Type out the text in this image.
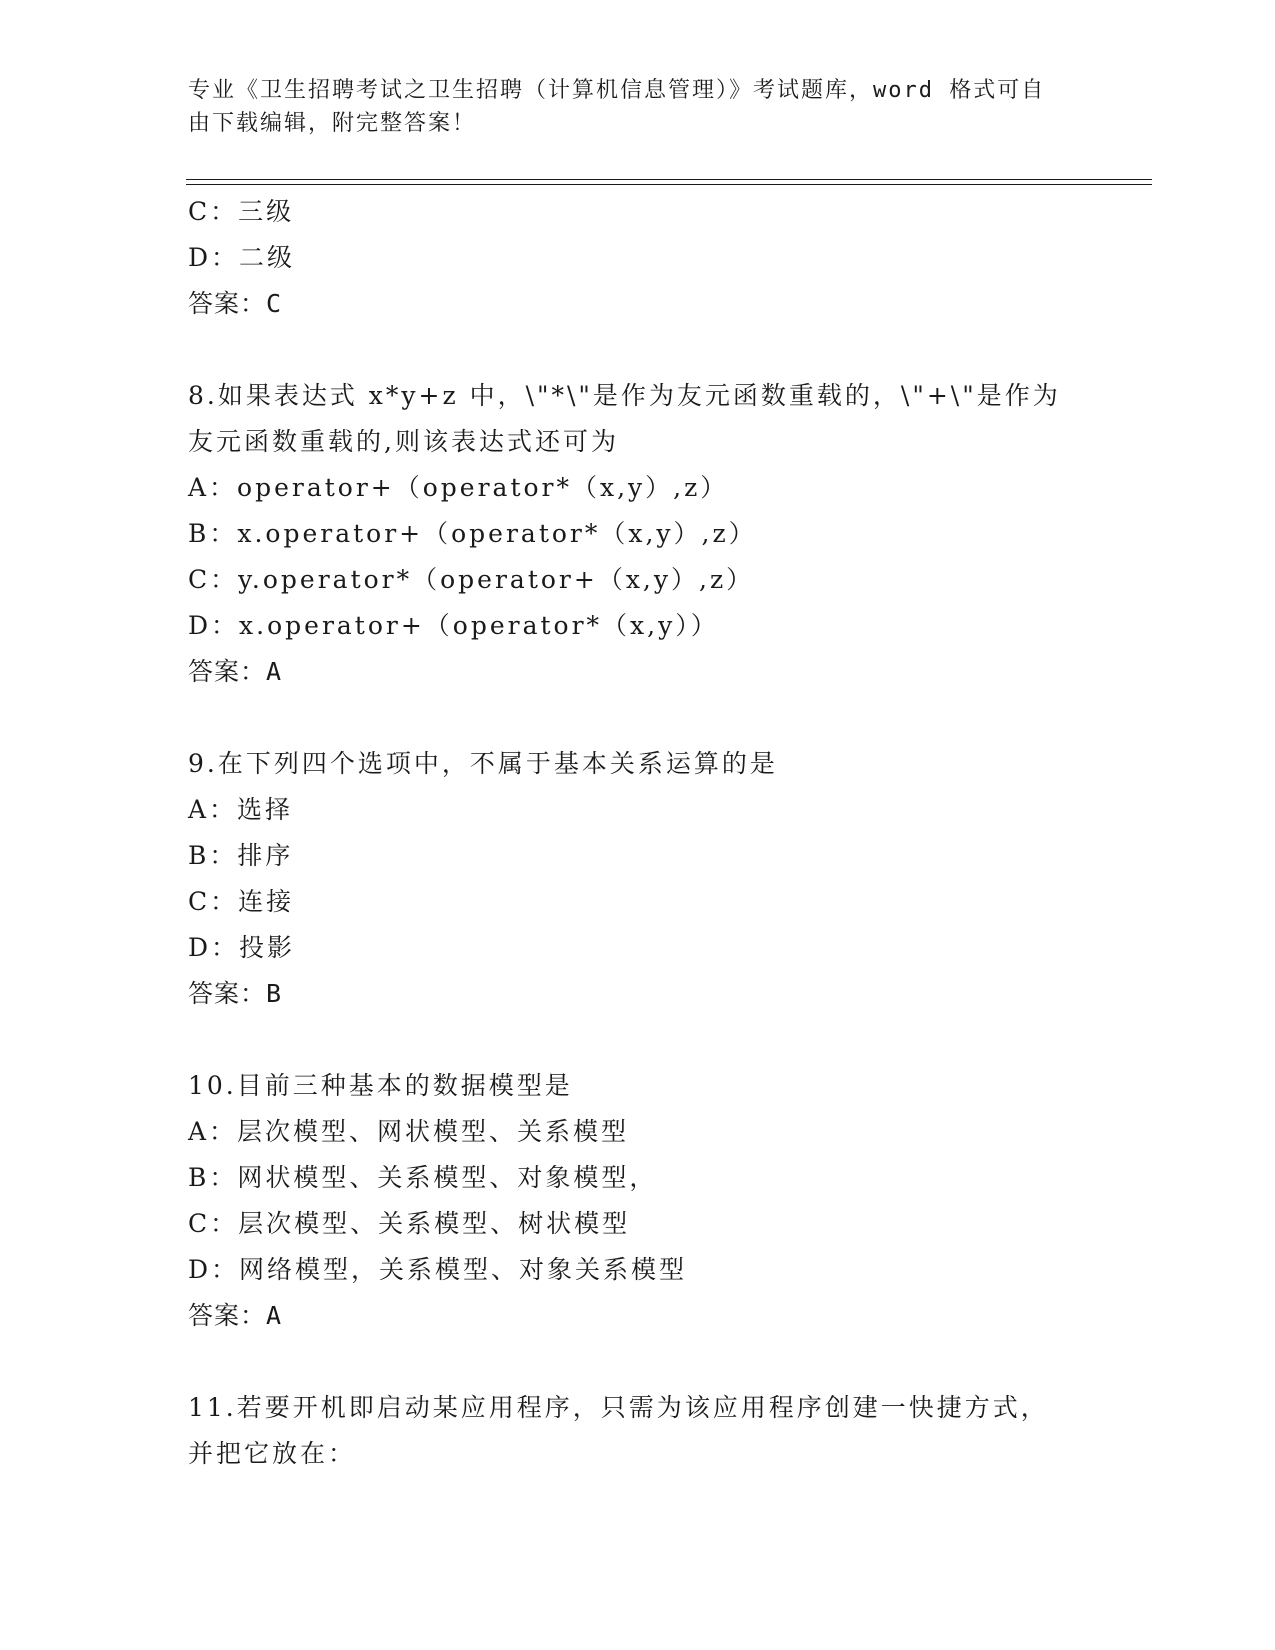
专业《卫生招聘考试之卫生招聘（计算机信息管理）》考试题库，word 格式可自
由下载编辑，附完整答案！
C：三级
D：二级
答案：C
8.如果表达式 x*y+z 中，\"*\"是作为友元函数重载的，\"+\"是作为
友元函数重载的,则该表达式还可为
A：operator+（operator*（x,y）,z）
B：x.operator+（operator*（x,y）,z）
C：y.operator*（operator+（x,y）,z）
D：x.operator+（operator*（x,y））
答案：A
9.在下列四个选项中，不属于基本关系运算的是
A：选择
B：排序
C：连接
D：投影
答案：B
10.目前三种基本的数据模型是
A：层次模型、网状模型、关系模型
B：网状模型、关系模型、对象模型，
C：层次模型、关系模型、树状模型
D：网络模型，关系模型、对象关系模型
答案：A
11.若要开机即启动某应用程序，只需为该应用程序创建一快捷方式，
并把它放在：
